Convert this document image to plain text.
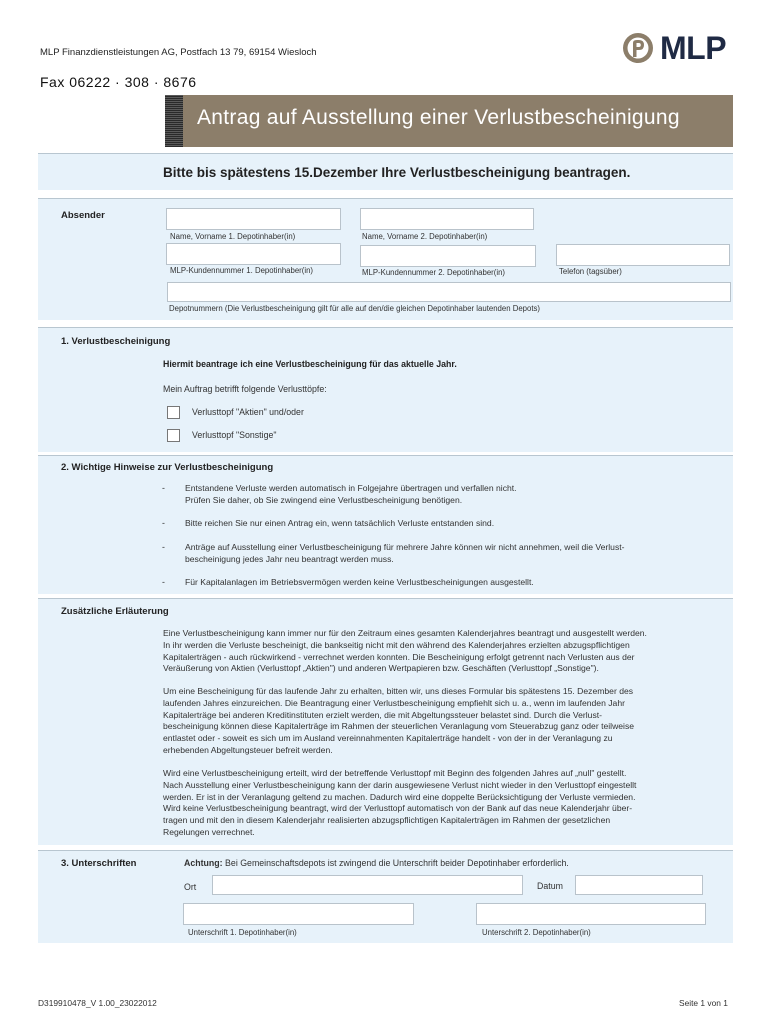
MLP Finanzdienstleistungen AG, Postfach 13 79, 69154 Wiesloch	MLP
Fax 06222 · 308 · 8676
Antrag auf Ausstellung einer Verlustbescheinigung
Bitte bis spätestens 15.Dezember Ihre Verlustbescheinigung beantragen.
Absender
Name, Vorname 1. Depotinhaber(in)	Name, Vorname 2. Depotinhaber(in)
MLP-Kundennummer 1. Depotinhaber(in)	MLP-Kundennummer 2. Depotinhaber(in)	Telefon (tagsüber)
Depotnummern (Die Verlustbescheinigung gilt für alle auf den/die gleichen Depotinhaber lautenden Depots)
1. Verlustbescheinigung
Hiermit beantrage ich eine Verlustbescheinigung für das aktuelle Jahr.
Mein Auftrag betrifft folgende Verlusttöpfe:
Verlusttopf "Aktien" und/oder
Verlusttopf "Sonstige"
2. Wichtige Hinweise zur Verlustbescheinigung
- Entstandene Verluste werden automatisch in Folgejahre übertragen und verfallen nicht.
Prüfen Sie daher, ob Sie zwingend eine Verlustbescheinigung benötigen.
- Bitte reichen Sie nur einen Antrag ein, wenn tatsächlich Verluste entstanden sind.
- Anträge auf Ausstellung einer Verlustbescheinigung für mehrere Jahre können wir nicht annehmen, weil die Verlust-
bescheinigung jedes Jahr neu beantragt werden muss.
- Für Kapitalanlagen im Betriebsvermögen werden keine Verlustbescheinigungen ausgestellt.
Zusätzliche Erläuterung
Eine Verlustbescheinigung kann immer nur für den Zeitraum eines gesamten Kalenderjahres beantragt und ausgestellt werden.
In ihr werden die Verluste bescheinigt, die bankseitig nicht mit den während des Kalenderjahres erzielten abzugspflichtigen
Kapitalerträgen - auch rückwirkend - verrechnet werden konnten. Die Bescheinigung erfolgt getrennt nach Verlusten aus der
Veräußerung von Aktien (Verlusttopf „Aktien") und anderen Wertpapieren bzw. Geschäften (Verlusttopf „Sonstige").
Um eine Bescheinigung für das laufende Jahr zu erhalten, bitten wir, uns dieses Formular bis spätestens 15. Dezember des
laufenden Jahres einzureichen. Die Beantragung einer Verlustbescheinigung empfiehlt sich u. a., wenn im laufenden Jahr
Kapitalerträge bei anderen Kreditinstituten erzielt werden, die mit Abgeltungssteuer belastet sind. Durch die Verlust-
bescheinigung können diese Kapitalerträge im Rahmen der steuerlichen Veranlagung vom Steuerabzug ganz oder teilweise
entlastet oder - soweit es sich um im Ausland vereinnahmenten Kapitalerträge handelt - von der in der Veranlagung zu
erhebenden Abgeltungsteuer befreit werden.
Wird eine Verlustbescheinigung erteilt, wird der betreffende Verlusttopf mit Beginn des folgenden Jahres auf „null" gestellt.
Nach Ausstellung einer Verlustbescheinigung kann der darin ausgewiesene Verlust nicht wieder in den Verlusttopf eingestellt
werden. Er ist in der Veranlagung geltend zu machen. Dadurch wird eine doppelte Berücksichtigung der Verluste vermieden.
Wird keine Verlustbescheinigung beantragt, wird der Verlusttopf automatisch von der Bank auf das neue Kalenderjahr über-
tragen und mit den in diesem Kalenderjahr realisierten abzugspflichtigen Kapitalerträgen im Rahmen der gesetzlichen
Regelungen verrechnet.
3. Unterschriften	Achtung: Bei Gemeinschaftsdepots ist zwingend die Unterschrift beider Depotinhaber erforderlich.
Ort	Datum
Unterschrift 1. Depotinhaber(in)	Unterschrift 2. Depotinhaber(in)
D319910478_V 1.00_23022012	Seite 1 von 1
